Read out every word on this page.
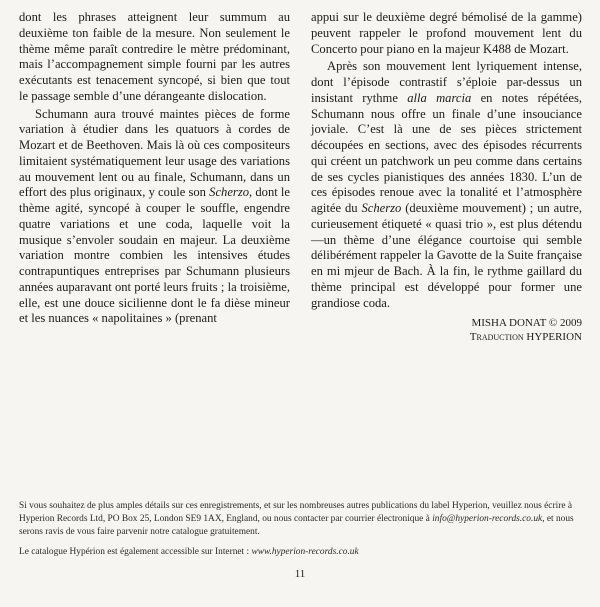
dont les phrases atteignent leur summum au deuxième ton faible de la mesure. Non seulement le thème même paraît contredire le mètre prédominant, mais l’accompagnement simple fourni par les autres exécutants est tenacement syncopé, si bien que tout le passage semble d’une dérangeante dislocation.

Schumann aura trouvé maintes pièces de forme variation à étudier dans les quatuors à cordes de Mozart et de Beethoven. Mais là où ces compositeurs limitaient systématiquement leur usage des variations au mouvement lent ou au finale, Schumann, dans un effort des plus originaux, y coule son Scherzo, dont le thème agité, syncopé à couper le souffle, engendre quatre variations et une coda, laquelle voit la musique s’envoler soudain en majeur. La deuxième variation montre combien les intensives études contrapuntiques entreprises par Schumann plusieurs années auparavant ont porté leurs fruits ; la troisième, elle, est une douce sicilienne dont le fa dièse mineur et les nuances « napolitaines » (prenant

appui sur le deuxième degré bémolisé de la gamme) peuvent rappeler le profond mouvement lent du Concerto pour piano en la majeur K488 de Mozart.

Après son mouvement lent lyriquement intense, dont l’épisode contrastif s’éploie par-dessus un insistant rythme alla marcia en notes répétées, Schumann nous offre un finale d’une insouciance joviale. C’est là une de ses pièces strictement découpées en sections, avec des épisodes récurrents qui créent un patchwork un peu comme dans certains de ses cycles pianistiques des années 1830. L’un de ces épisodes renoue avec la tonalité et l’atmosphère agitée du Scherzo (deuxième mouvement) ; un autre, curieusement étiqueté « quasi trio », est plus détendu—un thème d’une élégance courtoise qui semble délibérément rappeler la Gavotte de la Suite française en mi mjeur de Bach. À la fin, le rythme gaillard du thème principal est développé pour former une grandiose coda.

MISHA DONAT © 2009
Traduction HYPERION
Si vous souhaitez de plus amples détails sur ces enregistrements, et sur les nombreuses autres publications du label Hyperion, veuillez nous écrire à Hyperion Records Ltd, PO Box 25, London SE9 1AX, England, ou nous contacter par courrier électronique à info@hyperion-records.co.uk, et nous serons ravis de vous faire parvenir notre catalogue gratuitement.
Le catalogue Hypérion est également accessible sur Internet : www.hyperion-records.co.uk
11
